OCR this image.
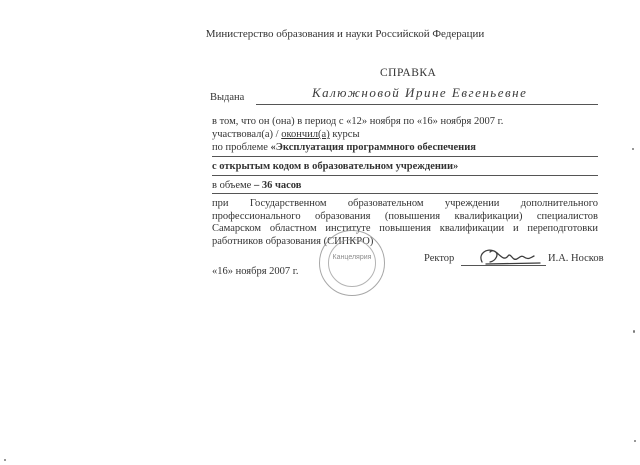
Министерство образования и науки Российской Федерации
СПРАВКА
Выдана	Калюжновой Ирине Евгеньевне
в том, что он (она) в период с «12» ноября по «16» ноября 2007 г.
участвовал(а) / окончил(а) курсы
по проблеме «Эксплуатация программного обеспечения
с открытым кодом в образовательном учреждении»
в объеме – 36 часов
при Государственном образовательном учреждении дополнительного профессионального образования (повышения квалификации) специалистов Самарском областном институте повышения квалификации и переподготовки работников образования (СИПКРО)
«16» ноября 2007 г.
Ректор	И.А. Носков
Канцелярия
